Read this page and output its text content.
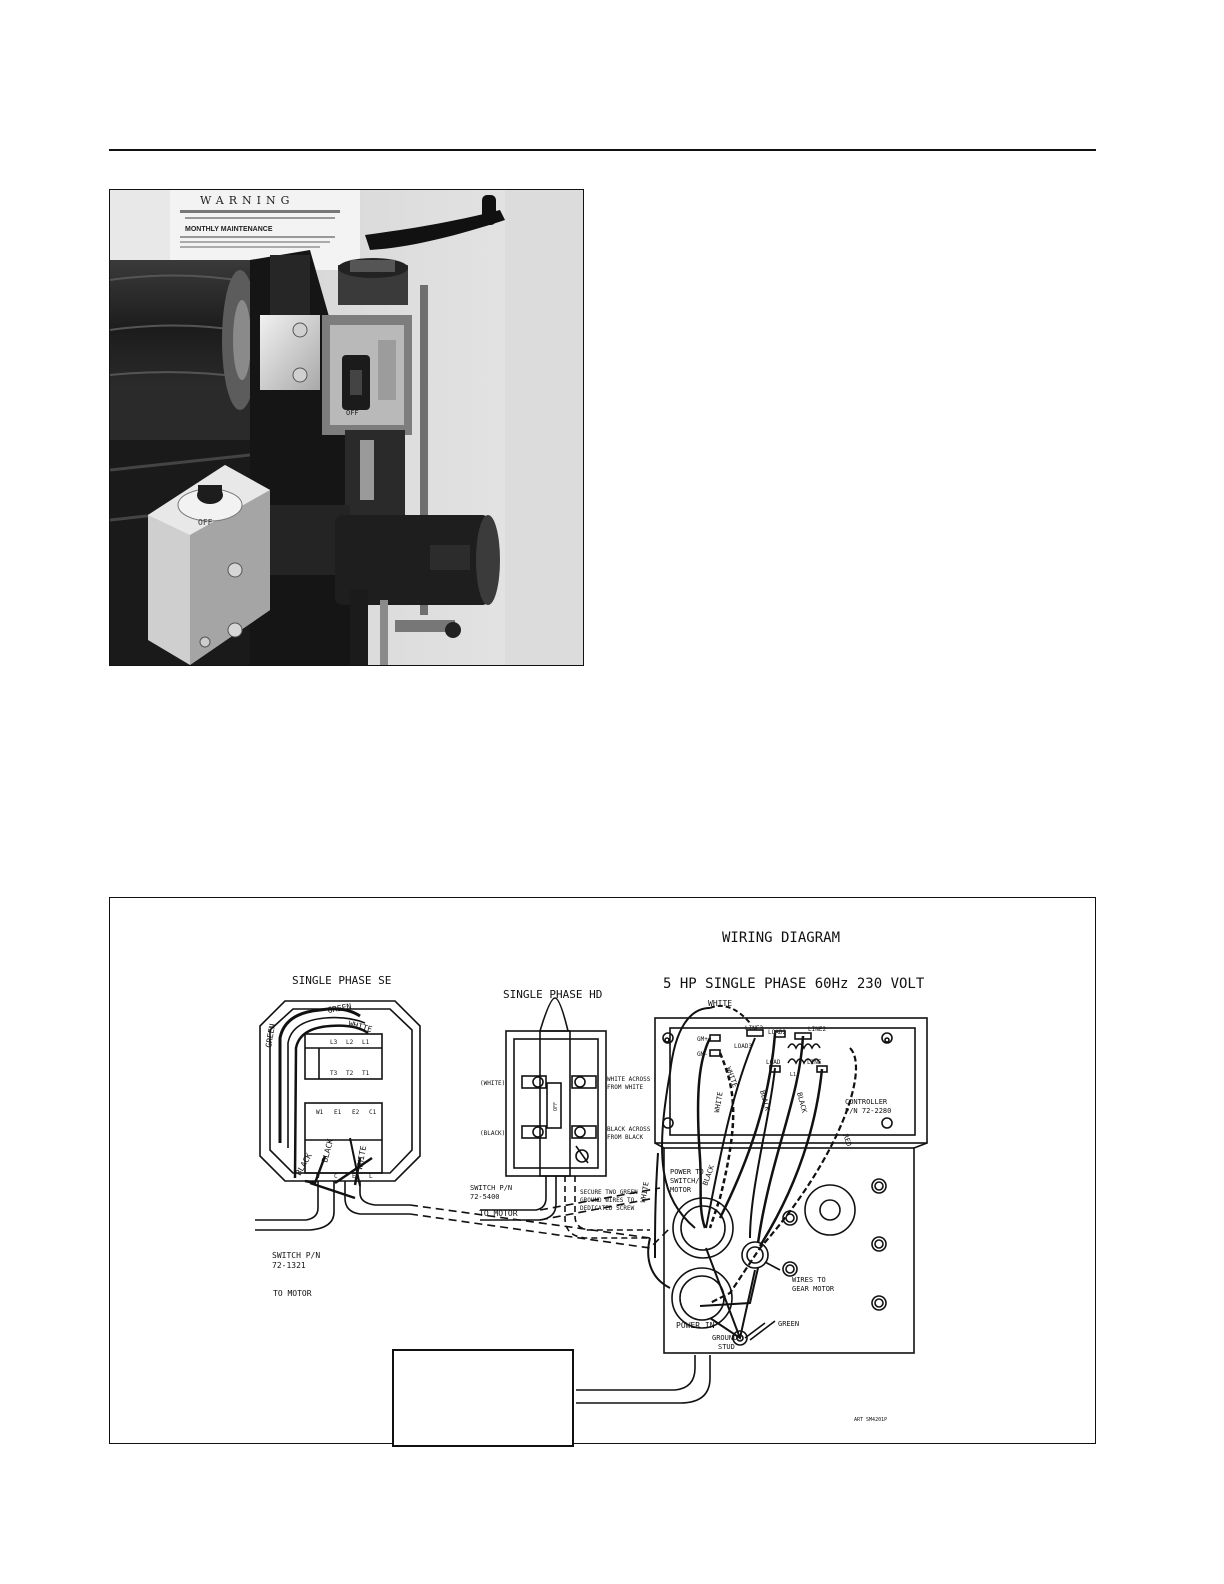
WARNING
MONTHLY MAINTENANCE
OFF
OFF
WIRING DIAGRAM
5 HP SINGLE PHASE 60Hz 230 VOLT
SINGLE PHASE SE
GREEN
GREEN
WHITE
BLACK
BLACK WHITE
L3 L2 L1
T3 T2 T1
W1 E1 E2 C1
W C E L
SWITCH P/N
72-1321
TO MOTOR
SINGLE PHASE HD
(WHITE)
(BLACK)
OFF
WHITE ACROSS
FROM WHITE
BLACK ACROSS
FROM BLACK
SECURE TWO GREEN
GROUND WIRES TO
DEDICATED SCREW
SWITCH P/N
72-5400
TO MOTOR
WHITE
GM+
GM-
LINE3
LOAD3
LOAD2
LOAD
LINE2
LINE
L1
WHITE
WHITE	BLACK	BLACK
RED
CONTROLLER
P/N 72-2280
WHITE
BLACK
POWER TO
SWITCH/
MOTOR
WIRES TO
GEAR MOTOR
POWER IN	GREEN
GROUND
STUD
ART SM4201P
